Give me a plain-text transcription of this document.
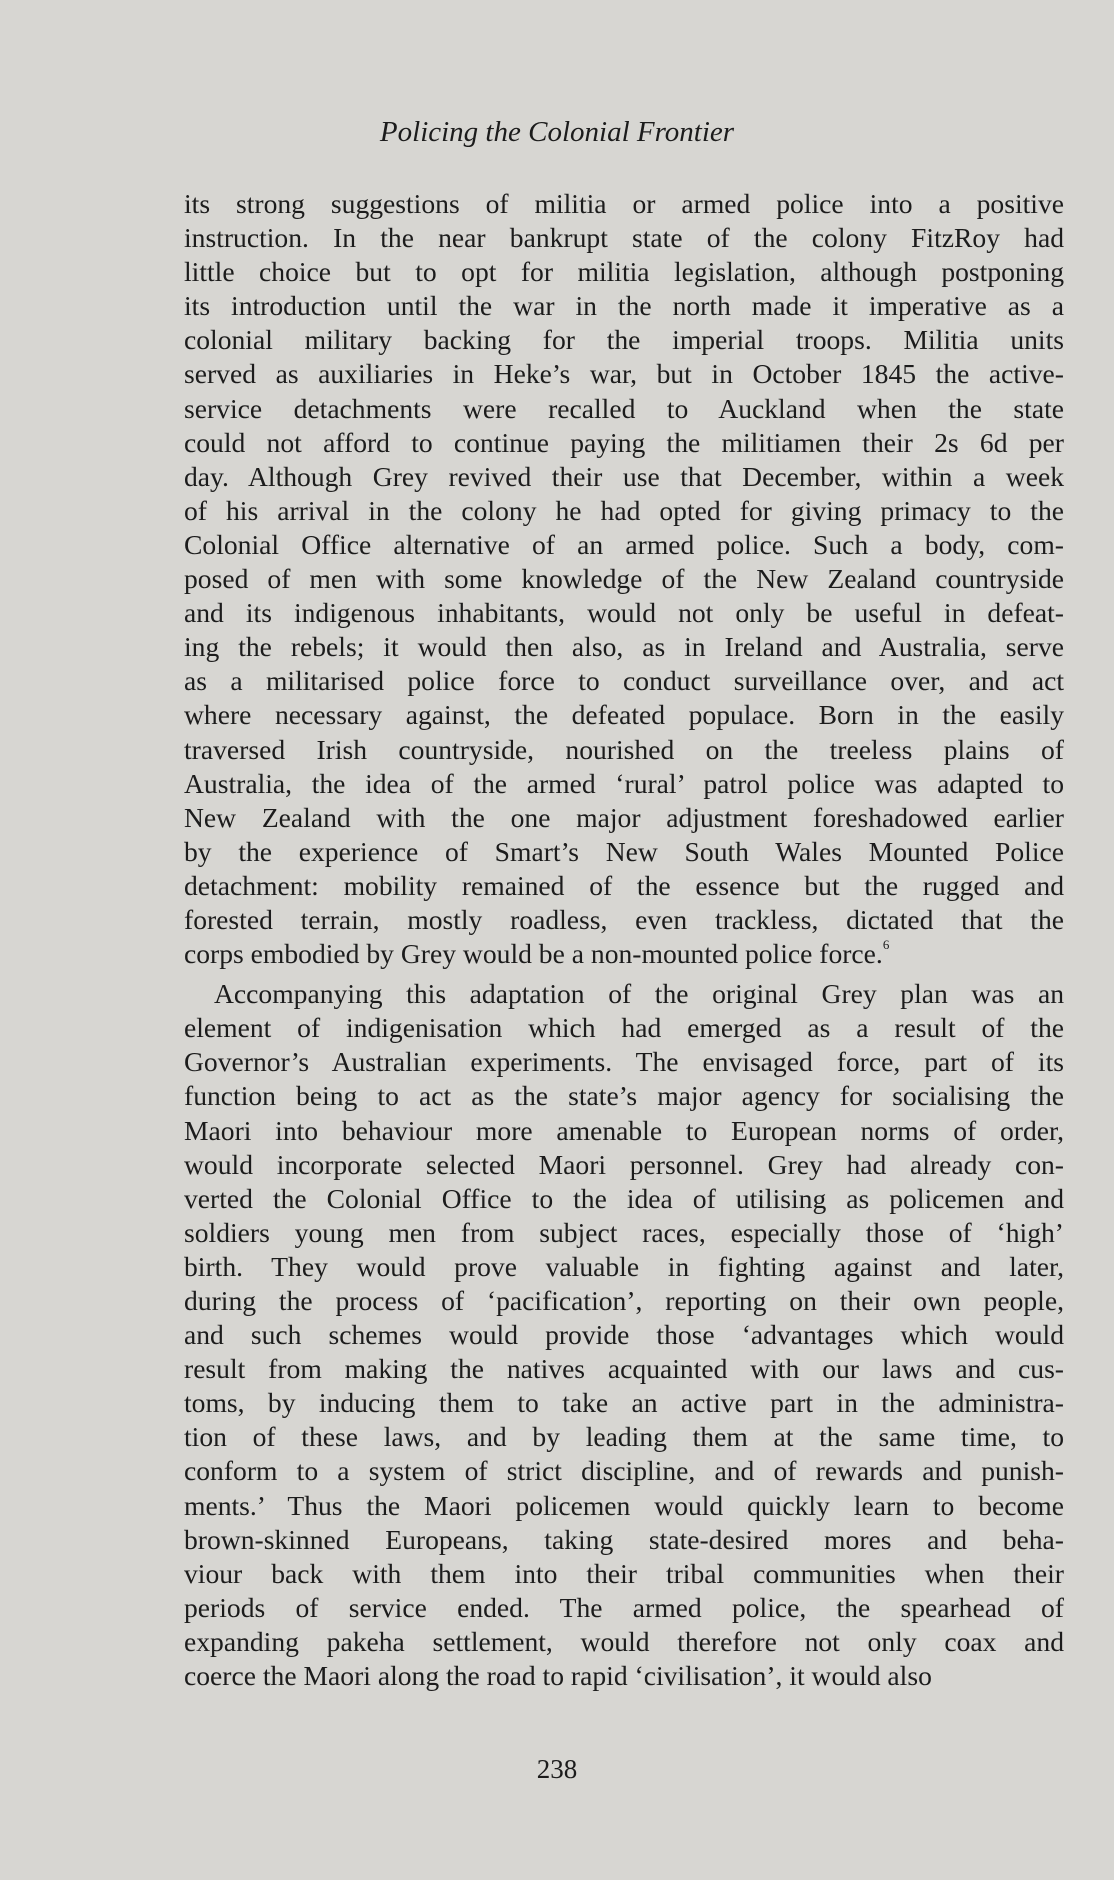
Policing the Colonial Frontier
its strong suggestions of militia or armed police into a positive
instruction. In the near bankrupt state of the colony FitzRoy had
little choice but to opt for militia legislation, although postponing
its introduction until the war in the north made it imperative as a
colonial military backing for the imperial troops. Militia units
served as auxiliaries in Heke’s war, but in October 1845 the active-
service detachments were recalled to Auckland when the state
could not afford to continue paying the militiamen their 2s 6d per
day. Although Grey revived their use that December, within a week
of his arrival in the colony he had opted for giving primacy to the
Colonial Office alternative of an armed police. Such a body, com-
posed of men with some knowledge of the New Zealand countryside
and its indigenous inhabitants, would not only be useful in defeat-
ing the rebels; it would then also, as in Ireland and Australia, serve
as a militarised police force to conduct surveillance over, and act
where necessary against, the defeated populace. Born in the easily
traversed Irish countryside, nourished on the treeless plains of
Australia, the idea of the armed ‘rural’ patrol police was adapted to
New Zealand with the one major adjustment foreshadowed earlier
by the experience of Smart’s New South Wales Mounted Police
detachment: mobility remained of the essence but the rugged and
forested terrain, mostly roadless, even trackless, dictated that the
corps embodied by Grey would be a non-mounted police force.$^6$
Accompanying this adaptation of the original Grey plan was an
element of indigenisation which had emerged as a result of the
Governor’s Australian experiments. The envisaged force, part of its
function being to act as the state’s major agency for socialising the
Maori into behaviour more amenable to European norms of order,
would incorporate selected Maori personnel. Grey had already con-
verted the Colonial Office to the idea of utilising as policemen and
soldiers young men from subject races, especially those of ‘high’
birth. They would prove valuable in fighting against and later,
during the process of ‘pacification’, reporting on their own people,
and such schemes would provide those ‘advantages which would
result from making the natives acquainted with our laws and cus-
toms, by inducing them to take an active part in the administra-
tion of these laws, and by leading them at the same time, to
conform to a system of strict discipline, and of rewards and punish-
ments.’ Thus the Maori policemen would quickly learn to become
brown-skinned Europeans, taking state-desired mores and beha-
viour back with them into their tribal communities when their
periods of service ended. The armed police, the spearhead of
expanding pakeha settlement, would therefore not only coax and
coerce the Maori along the road to rapid ‘civilisation’, it would also
238
